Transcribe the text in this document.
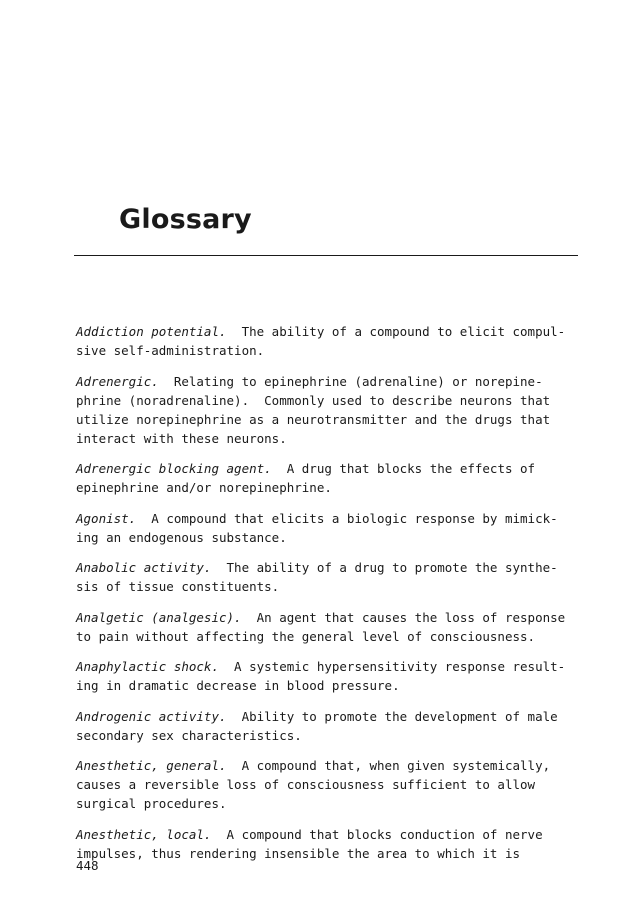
Glossary
Addiction potential.  The ability of a compound to elicit compul-
sive self-administration.
Adrenergic.  Relating to epinephrine (adrenaline) or norepine-
phrine (noradrenaline).  Commonly used to describe neurons that
utilize norepinephrine as a neurotransmitter and the drugs that
interact with these neurons.
Adrenergic blocking agent.  A drug that blocks the effects of
epinephrine and/or norepinephrine.
Agonist.  A compound that elicits a biologic response by mimick-
ing an endogenous substance.
Anabolic activity.  The ability of a drug to promote the synthe-
sis of tissue constituents.
Analgetic (analgesic).  An agent that causes the loss of response
to pain without affecting the general level of consciousness.
Anaphylactic shock.  A systemic hypersensitivity response result-
ing in dramatic decrease in blood pressure.
Androgenic activity.  Ability to promote the development of male
secondary sex characteristics.
Anesthetic, general.  A compound that, when given systemically,
causes a reversible loss of consciousness sufficient to allow
surgical procedures.
Anesthetic, local.  A compound that blocks conduction of nerve
impulses, thus rendering insensible the area to which it is
448
